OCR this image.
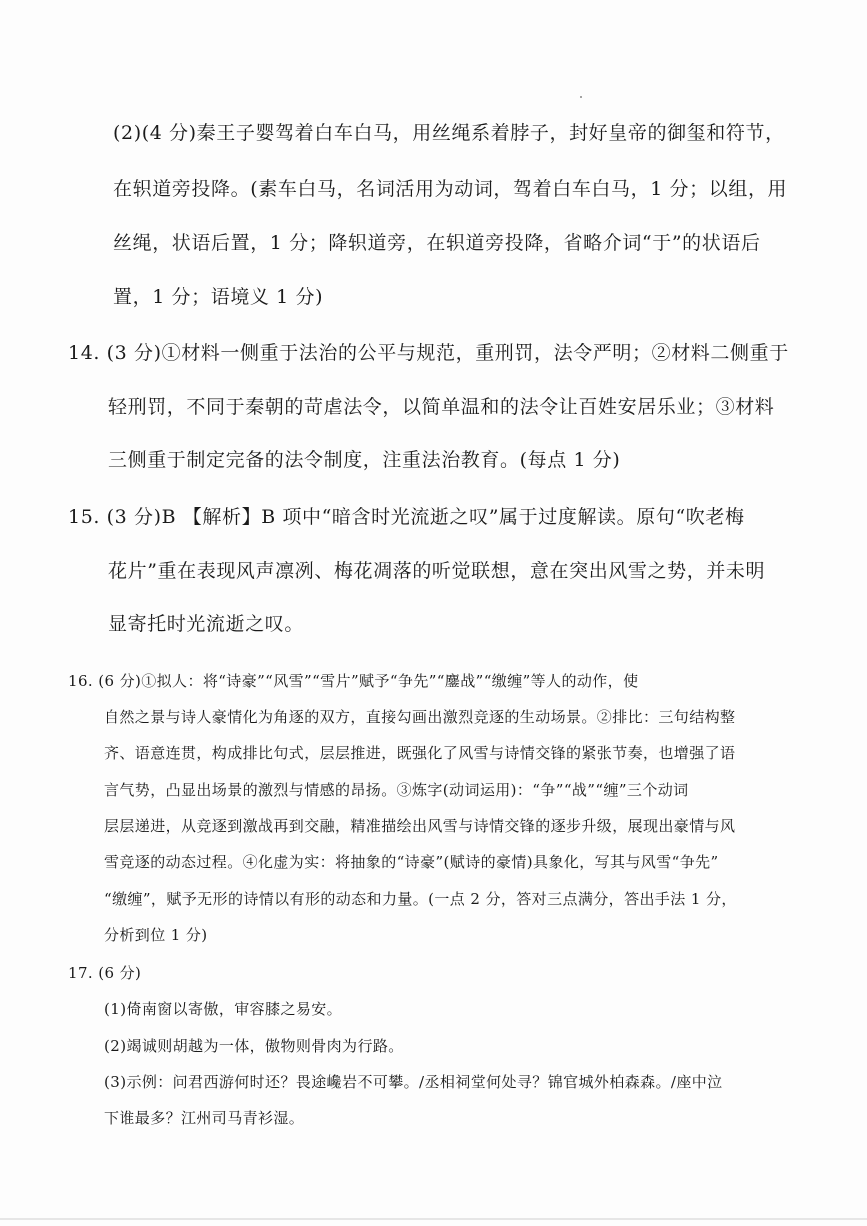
(2)(4 分)秦王子婴驾着白车白马，用丝绳系着脖子，封好皇帝的御玺和符节，
在轵道旁投降。(素车白马，名词活用为动词，驾着白车白马，1 分；以组，用
丝绳，状语后置，1 分；降轵道旁，在轵道旁投降，省略介词“于”的状语后
置，1 分；语境义 1 分)
14. (3 分)①材料一侧重于法治的公平与规范，重刑罚，法令严明；②材料二侧重于
轻刑罚，不同于秦朝的苛虐法令，以简单温和的法令让百姓安居乐业；③材料
三侧重于制定完备的法令制度，注重法治教育。(每点 1 分)
15. (3 分)B 【解析】B 项中“暗含时光流逝之叹”属于过度解读。原句“吹老梅
花片”重在表现风声凛冽、梅花凋落的听觉联想，意在突出风雪之势，并未明
显寄托时光流逝之叹。
16. (6 分)①拟人：将“诗豪”“风雪”“雪片”赋予“争先”“鏖战”“缴缠”等人的动作，使
自然之景与诗人豪情化为角逐的双方，直接勾画出激烈竞逐的生动场景。②排比：三句结构整
齐、语意连贯，构成排比句式，层层推进，既强化了风雪与诗情交锋的紧张节奏，也增强了语
言气势，凸显出场景的激烈与情感的昂扬。③炼字(动词运用)：“争”“战”“缠”三个动词
层层递进，从竞逐到激战再到交融，精准描绘出风雪与诗情交锋的逐步升级，展现出豪情与风
雪竞逐的动态过程。④化虚为实：将抽象的“诗豪”(赋诗的豪情)具象化，写其与风雪“争先”
“缴缠”，赋予无形的诗情以有形的动态和力量。(一点 2 分，答对三点满分，答出手法 1 分，
分析到位 1 分)
17. (6 分)
(1)倚南窗以寄傲，审容膝之易安。
(2)竭诚则胡越为一体，傲物则骨肉为行路。
(3)示例：问君西游何时还？畏途巉岩不可攀。/丞相祠堂何处寻？锦官城外柏森森。/座中泣
下谁最多？江州司马青衫湿。
